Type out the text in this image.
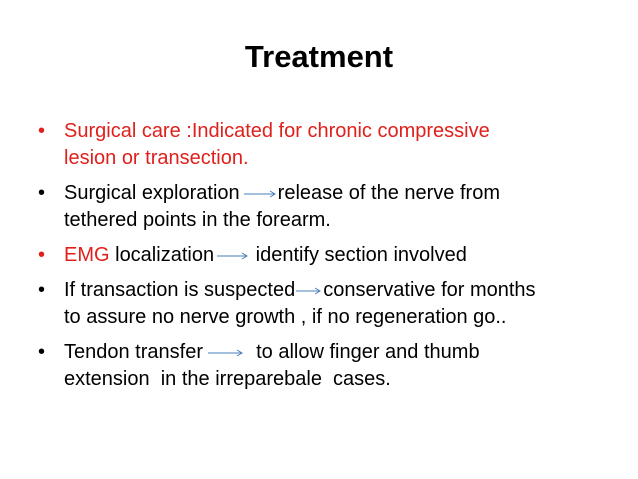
Treatment
• Surgical care :Indicated for chronic compressive
lesion or transection.
• Surgical exploration release of the nerve from
tethered points in the forearm.
• EMG localization
identify section involved
• If transaction is suspected conservative for months
to assure no nerve growth , if no regeneration go..
• Tendon transfer
to allow finger and thumb
extension  in the irreparebale  cases.
